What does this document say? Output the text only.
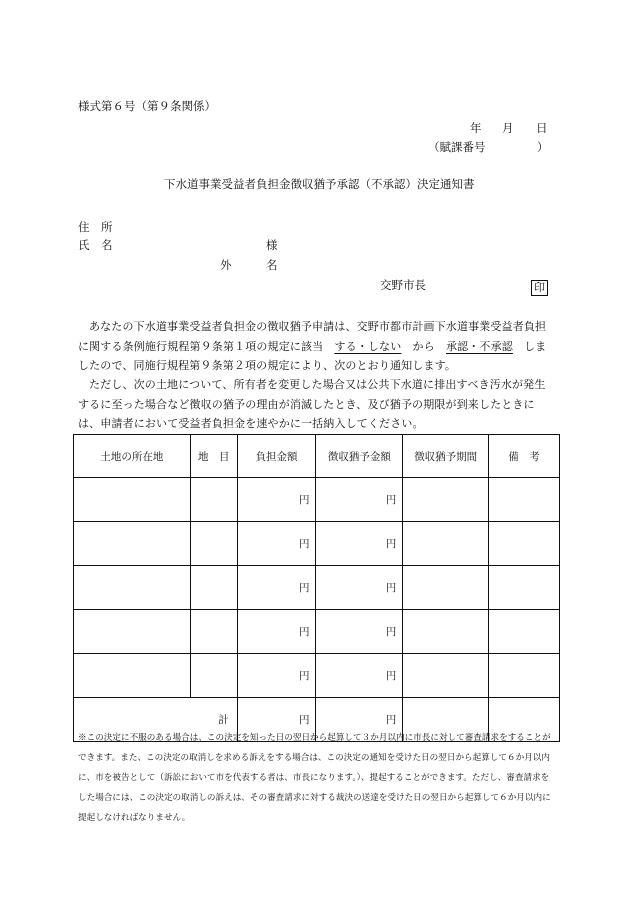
様式第６号（第９条関係）
年 月 日
（賦課番号	）
下水道事業受益者負担金徴収猶予承認（不承認）決定通知書
住　所
氏　名	様
外	名
交野市長	印
あなたの下水道事業受益者負担金の徴収猶予申請は、交野市都市計画下水道事業受益者負担に関する条例施行規程第９条第１項の規定に該当　する・しない　から　承認・不承認　しましたので、同施行規程第９条第２項の規定により、次のとおり通知します。
ただし、次の土地について、所有者を変更した場合又は公共下水道に排出すべき汚水が発生するに至った場合など徴収の猶予の理由が消滅したとき、及び猶予の期限が到来したときには、申請者において受益者負担金を速やかに一括納入してください。
土地の所在地	地　目	負担金額	徴収猶予金額	徴収猶予期間	備　考
		円	円		
		円	円		
		円	円		
		円	円		
		円	円		
計		円	円		
※この決定に不服のある場合は、この決定を知った日の翌日から起算して３か月以内に市長に対して審査請求をすることができます。また、この決定の取消しを求める訴えをする場合は、この決定の通知を受けた日の翌日から起算して６か月以内に、市を被告として（訴訟において市を代表する者は、市長になります。）、提起することができます。ただし、審査請求をした場合には、この決定の取消しの訴えは、その審査請求に対する裁決の送達を受けた日の翌日から起算して６か月以内に提起しなければなりません。
